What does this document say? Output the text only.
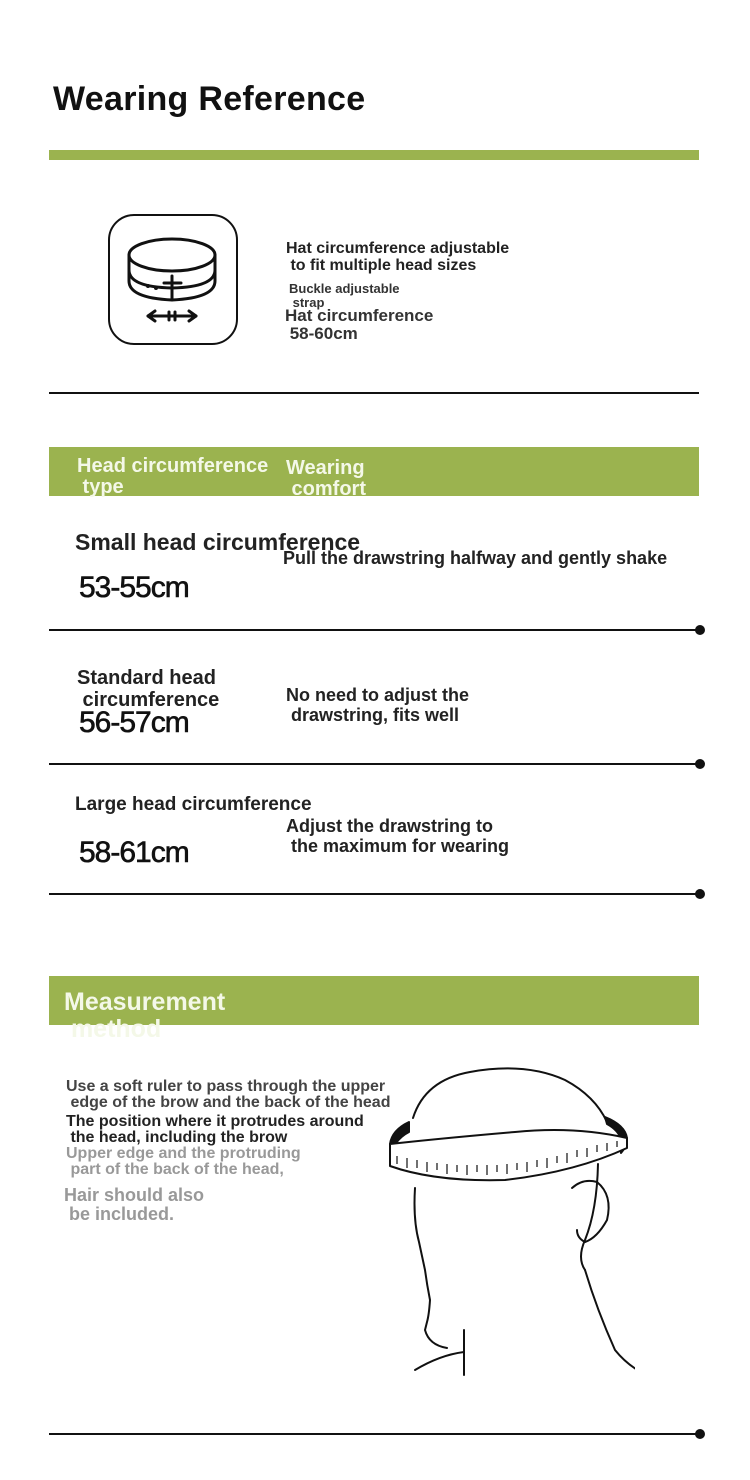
Wearing Reference
Hat circumference adjustable
to fit multiple head sizes
Buckle adjustable
strap
Hat circumference
58-60cm
Head circumference
type
Wearing
comfort
Small head circumference
53-55cm
Pull the drawstring halfway and gently shake
Standard head
circumference
56-57cm
No need to adjust the
drawstring, fits well
Large head circumference
58-61cm
Adjust the drawstring to
the maximum for wearing
Measurement
method
Use a soft ruler to pass through the upper
edge of the brow and the back of the head
The position where it protrudes around
the head, including the brow
Upper edge and the protruding
part of the back of the head,
Hair should also
be included.
